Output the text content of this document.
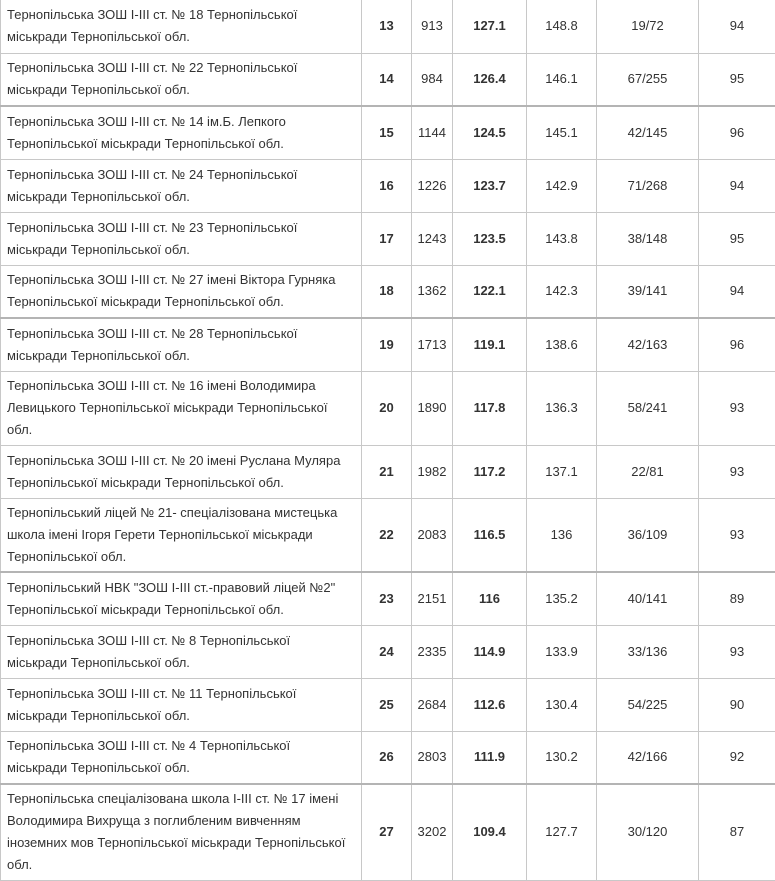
Тернопільська ЗОШ І-ІІІ ст. № 18 Тернопільської міськради Тернопільської обл.	13	913	127.1	148.8	19/72	94
Тернопільська ЗОШ І-ІІІ ст. № 22 Тернопільської міськради Тернопільської обл.	14	984	126.4	146.1	67/255	95
Тернопільська ЗОШ І-ІІІ ст. № 14 ім.Б. Лепкого Тернопільської міськради Тернопільської обл.	15	1144	124.5	145.1	42/145	96
Тернопільська ЗОШ І-ІІІ ст. № 24 Тернопільської міськради Тернопільської обл.	16	1226	123.7	142.9	71/268	94
Тернопільська ЗОШ І-ІІІ ст. № 23 Тернопільської міськради Тернопільської обл.	17	1243	123.5	143.8	38/148	95
Тернопільська ЗОШ І-ІІІ ст. № 27 імені Віктора Гурняка Тернопільської міськради Тернопільської обл.	18	1362	122.1	142.3	39/141	94
Тернопільська ЗОШ І-ІІІ ст. № 28 Тернопільської міськради Тернопільської обл.	19	1713	119.1	138.6	42/163	96
Тернопільська ЗОШ І-ІІІ ст. № 16 імені Володимира Левицького Тернопільської міськради Тернопільської обл.	20	1890	117.8	136.3	58/241	93
Тернопільська ЗОШ І-ІІІ ст. № 20 імені Руслана Муляра Тернопільської міськради Тернопільської обл.	21	1982	117.2	137.1	22/81	93
Тернопільський ліцей № 21- спеціалізована мистецька школа імені Ігоря Герети Тернопільської міськради Тернопільської обл.	22	2083	116.5	136	36/109	93
Тернопільський НВК "ЗОШ І-ІІІ ст.-правовий ліцей №2" Тернопільської міськради Тернопільської обл.	23	2151	116	135.2	40/141	89
Тернопільська ЗОШ І-ІІІ ст. № 8 Тернопільської міськради Тернопільської обл.	24	2335	114.9	133.9	33/136	93
Тернопільська ЗОШ І-ІІІ ст. № 11 Тернопільської міськради Тернопільської обл.	25	2684	112.6	130.4	54/225	90
Тернопільська ЗОШ І-ІІІ ст. № 4 Тернопільської міськради Тернопільської обл.	26	2803	111.9	130.2	42/166	92
Тернопільська спеціалізована школа І-ІІІ ст. № 17 імені Володимира Вихруща з поглибленим вивченням іноземних мов Тернопільської міськради Тернопільської обл.	27	3202	109.4	127.7	30/120	87
